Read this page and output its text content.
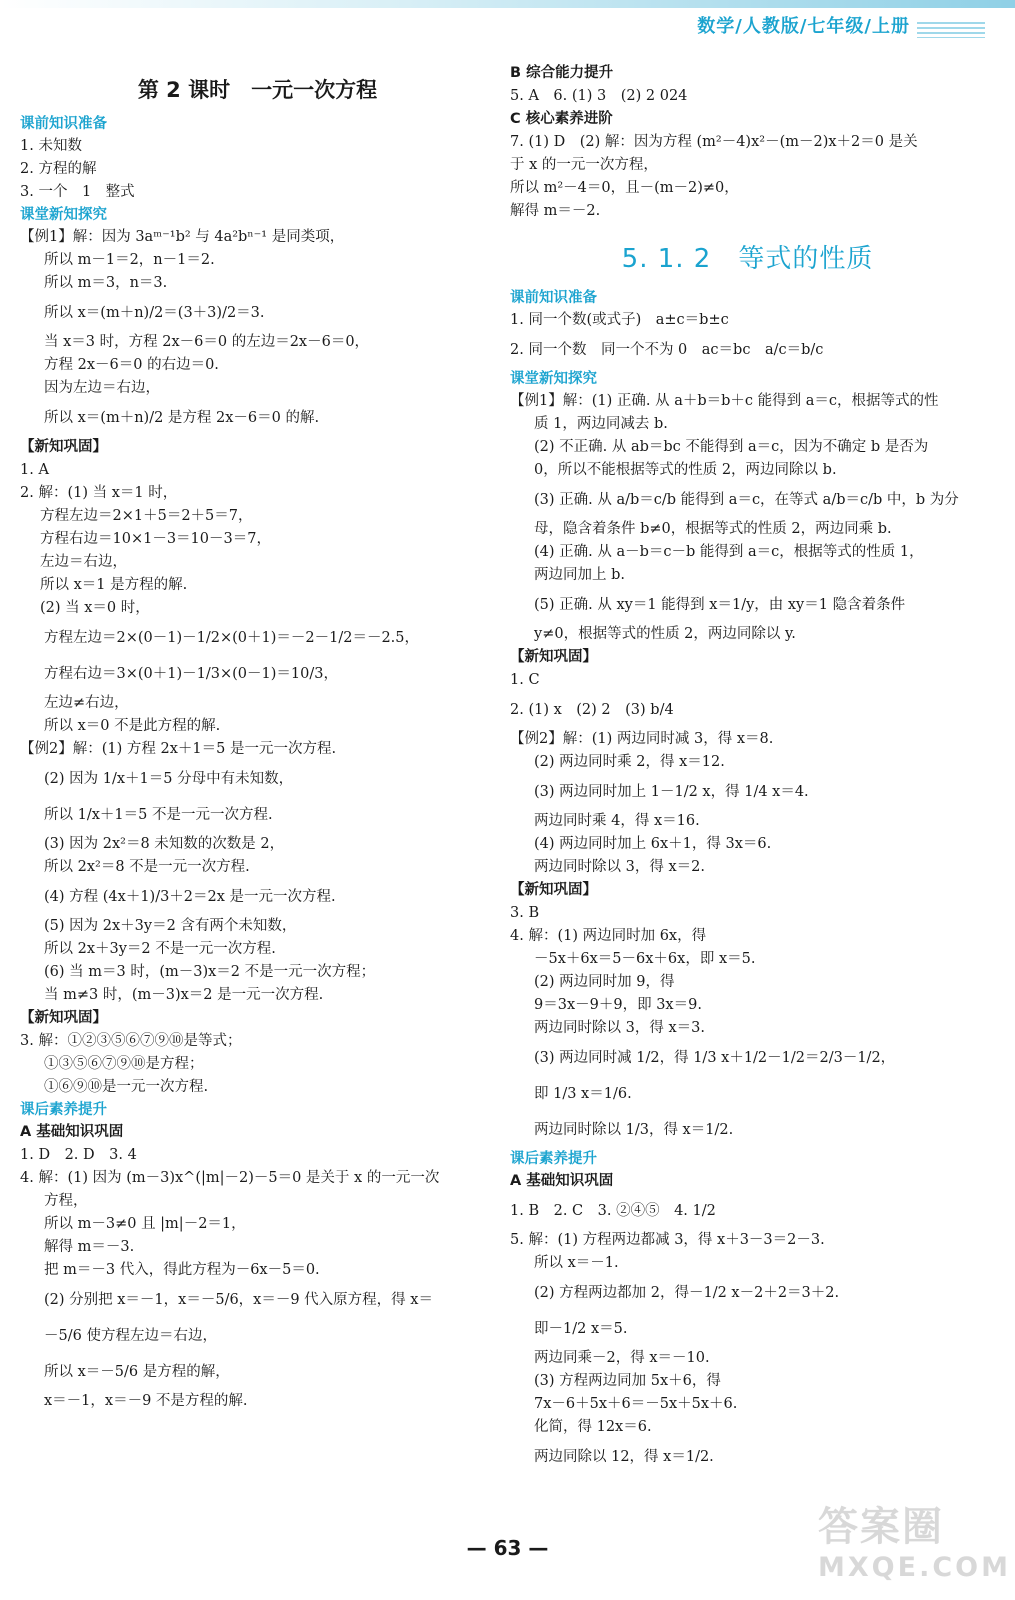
数学/人教版/七年级/上册
第 2 课时　一元一次方程
课前知识准备
1. 未知数
2. 方程的解
3. 一个　1　整式
课堂新知探究
【例1】解：因为 3aᵐ⁻¹b² 与 4a²bⁿ⁻¹ 是同类项，
所以 m－1＝2，n－1＝2.
所以 m＝3，n＝3.
所以 x＝(m＋n)/2＝(3＋3)/2＝3.
当 x＝3 时，方程 2x－6＝0 的左边＝2x－6＝0，
方程 2x－6＝0 的右边＝0.
因为左边＝右边，
所以 x＝(m＋n)/2 是方程 2x－6＝0 的解.
【新知巩固】
1. A
2. 解：(1) 当 x＝1 时，
方程左边＝2×1＋5＝2＋5＝7，
方程右边＝10×1－3＝10－3＝7，
左边＝右边，
所以 x＝1 是方程的解.
(2) 当 x＝0 时，
方程左边＝2×(0－1)－1/2×(0＋1)＝－2－1/2＝－2.5，
方程右边＝3×(0＋1)－1/3×(0－1)＝10/3，
左边≠右边，
所以 x＝0 不是此方程的解.
【例2】解：(1) 方程 2x＋1＝5 是一元一次方程.
(2) 因为 1/x＋1＝5 分母中有未知数，
所以 1/x＋1＝5 不是一元一次方程.
(3) 因为 2x²＝8 未知数的次数是 2，
所以 2x²＝8 不是一元一次方程.
(4) 方程 (4x＋1)/3＋2＝2x 是一元一次方程.
(5) 因为 2x＋3y＝2 含有两个未知数，
所以 2x＋3y＝2 不是一元一次方程.
(6) 当 m＝3 时，(m－3)x＝2 不是一元一次方程；
当 m≠3 时，(m－3)x＝2 是一元一次方程.
【新知巩固】
3. 解：①②③⑤⑥⑦⑨⑩是等式；
①③⑤⑥⑦⑨⑩是方程；
①⑥⑨⑩是一元一次方程.
课后素养提升
A 基础知识巩固
1. D　2. D　3. 4
4. 解：(1) 因为 (m－3)x^(|m|－2)－5＝0 是关于 x 的一元一次
方程，
所以 m－3≠0 且 |m|－2＝1，
解得 m＝－3.
把 m＝－3 代入，得此方程为－6x－5＝0.
(2) 分别把 x＝－1，x＝－5/6，x＝－9 代入原方程，得 x＝
－5/6 使方程左边＝右边，
所以 x＝－5/6 是方程的解，
x＝－1，x＝－9 不是方程的解.
B 综合能力提升
5. A　6. (1) 3　(2) 2 024
C 核心素养进阶
7. (1) D　(2) 解：因为方程 (m²－4)x²－(m－2)x＋2＝0 是关
于 x 的一元一次方程，
所以 m²－4＝0，且－(m－2)≠0，
解得 m＝－2.
5. 1. 2　等式的性质
课前知识准备
1. 同一个数(或式子)　a±c＝b±c
2. 同一个数　同一个不为 0　ac＝bc　a/c＝b/c
课堂新知探究
【例1】解：(1) 正确. 从 a＋b＝b＋c 能得到 a＝c，根据等式的性
质 1，两边同减去 b.
(2) 不正确. 从 ab＝bc 不能得到 a＝c，因为不确定 b 是否为
0，所以不能根据等式的性质 2，两边同除以 b.
(3) 正确. 从 a/b＝c/b 能得到 a＝c，在等式 a/b＝c/b 中，b 为分
母，隐含着条件 b≠0，根据等式的性质 2，两边同乘 b.
(4) 正确. 从 a－b＝c－b 能得到 a＝c，根据等式的性质 1，
两边同加上 b.
(5) 正确. 从 xy＝1 能得到 x＝1/y，由 xy＝1 隐含着条件
y≠0，根据等式的性质 2，两边同除以 y.
【新知巩固】
1. C
2. (1) x　(2) 2　(3) b/4
【例2】解：(1) 两边同时减 3，得 x＝8.
(2) 两边同时乘 2，得 x＝12.
(3) 两边同时加上 1－1/2 x，得 1/4 x＝4.
两边同时乘 4，得 x＝16.
(4) 两边同时加上 6x＋1，得 3x＝6.
两边同时除以 3，得 x＝2.
【新知巩固】
3. B
4. 解：(1) 两边同时加 6x，得
－5x＋6x＝5－6x＋6x，即 x＝5.
(2) 两边同时加 9，得
9＝3x－9＋9，即 3x＝9.
两边同时除以 3，得 x＝3.
(3) 两边同时减 1/2，得 1/3 x＋1/2－1/2＝2/3－1/2，
即 1/3 x＝1/6.
两边同时除以 1/3，得 x＝1/2.
课后素养提升
A 基础知识巩固
1. B　2. C　3. ②④⑤　4. 1/2
5. 解：(1) 方程两边都减 3，得 x＋3－3＝2－3.
所以 x＝－1.
(2) 方程两边都加 2，得－1/2 x－2＋2＝3＋2.
即－1/2 x＝5.
两边同乘－2，得 x＝－10.
(3) 方程两边同加 5x＋6，得
7x－6＋5x＋6＝－5x＋5x＋6.
化简，得 12x＝6.
两边同除以 12，得 x＝1/2.
— 63 —	答案圈
MXQE.COM
